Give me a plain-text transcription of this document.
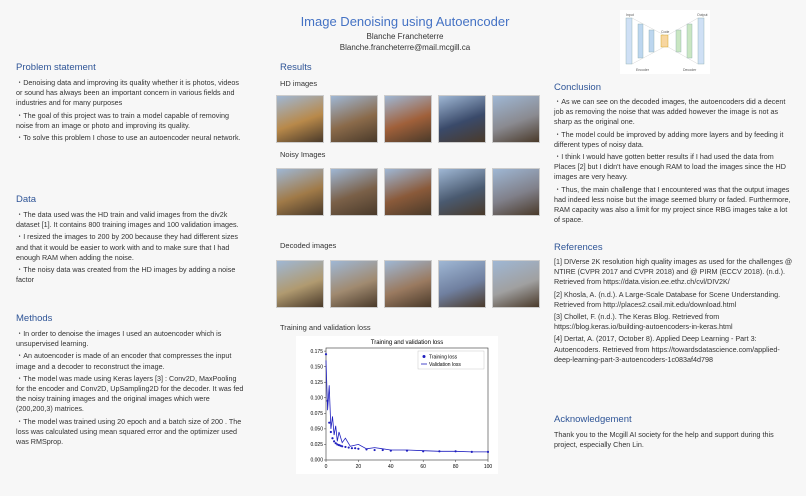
Image Denoising using Autoencoder
Blanche Francheterre
Blanche.francheterre@mail.mcgill.ca
Problem statement

・Denoising data and improving its quality whether it is photos, videos or sound has always been an important concern in various fields and industries and for many purposes

・The goal of this project was to train a model capable of removing noise from an image or photo and improving its quality.

・To solve this problem I chose to use an autoencoder neural network.

Data

・The data used was the HD train and valid images from the div2k dataset [1]. It contains 800 training images and 100 validation images.

・I resized the images to 200 by 200 because they had different sizes and that it would be easier to work with and to make sure that I had enough RAM when adding the noise.

・The noisy data was created from the HD images by adding a noise factor

Methods

・In order to denoise the images I used an autoencoder which is unsupervised learning.

・An autoencoder is made of an encoder that compresses the input image and a decoder to reconstruct the image.

・The model was made using Keras layers [3] : Conv2D, MaxPooling for the encoder and Conv2D, UpSampling2D for the decoder. It was fed the noisy training images and the original images which were (200,200,3) matrices.

・The model was trained using 20 epoch and a batch size of 200 . The loss was calculated using mean squared error and the optimizer used was RMSprop.

Results
HD images
Noisy Images
Decoded images
Training and validation loss
Training and validation loss
0	20	40	60	80	100
0.000
0.025
0.050
0.075
0.100
0.125
0.150
0.175
Training loss
Validation loss
Input	Output
Code
Encoder	Decoder
Conclusion

・As we can see on the decoded images, the autoencoders did a decent job as removing the noise that was added however the image is not as sharp as the original one.

・The model could be improved by adding more layers and by feeding it different types of noisy data.

・I think I would have gotten better results if I had used the data from Places [2] but I didn't have enough RAM to load the images since the HD images are very heavy.

・Thus, the main challenge that I encountered was that the output images had indeed less noise but the image seemed blurry or faded. Furthermore, RAM capacity was also a limit for my project since RBG images take a lot of space.

References

[1] DIVerse 2K resolution high quality images as used for the challenges @ NTIRE (CVPR 2017 and CVPR 2018) and @ PIRM (ECCV 2018). (n.d.). Retrieved from https://data.vision.ee.ethz.ch/cvl/DIV2K/

[2] Khosla, A. (n.d.). A Large-Scale Database for Scene Understanding. Retrieved from http://places2.csail.mit.edu/download.html

[3] Chollet, F. (n.d.). The Keras Blog. Retrieved from https://blog.keras.io/building-autoencoders-in-keras.html

[4] Dertat, A. (2017, October 8). Applied Deep Learning - Part 3: Autoencoders. Retrieved from https://towardsdatascience.com/applied-deep-learning-part-3-autoencoders-1c083af4d798

Acknowledgement
Thank you to the Mcgill AI society for the help and support during this project, especially Chen Lin.
